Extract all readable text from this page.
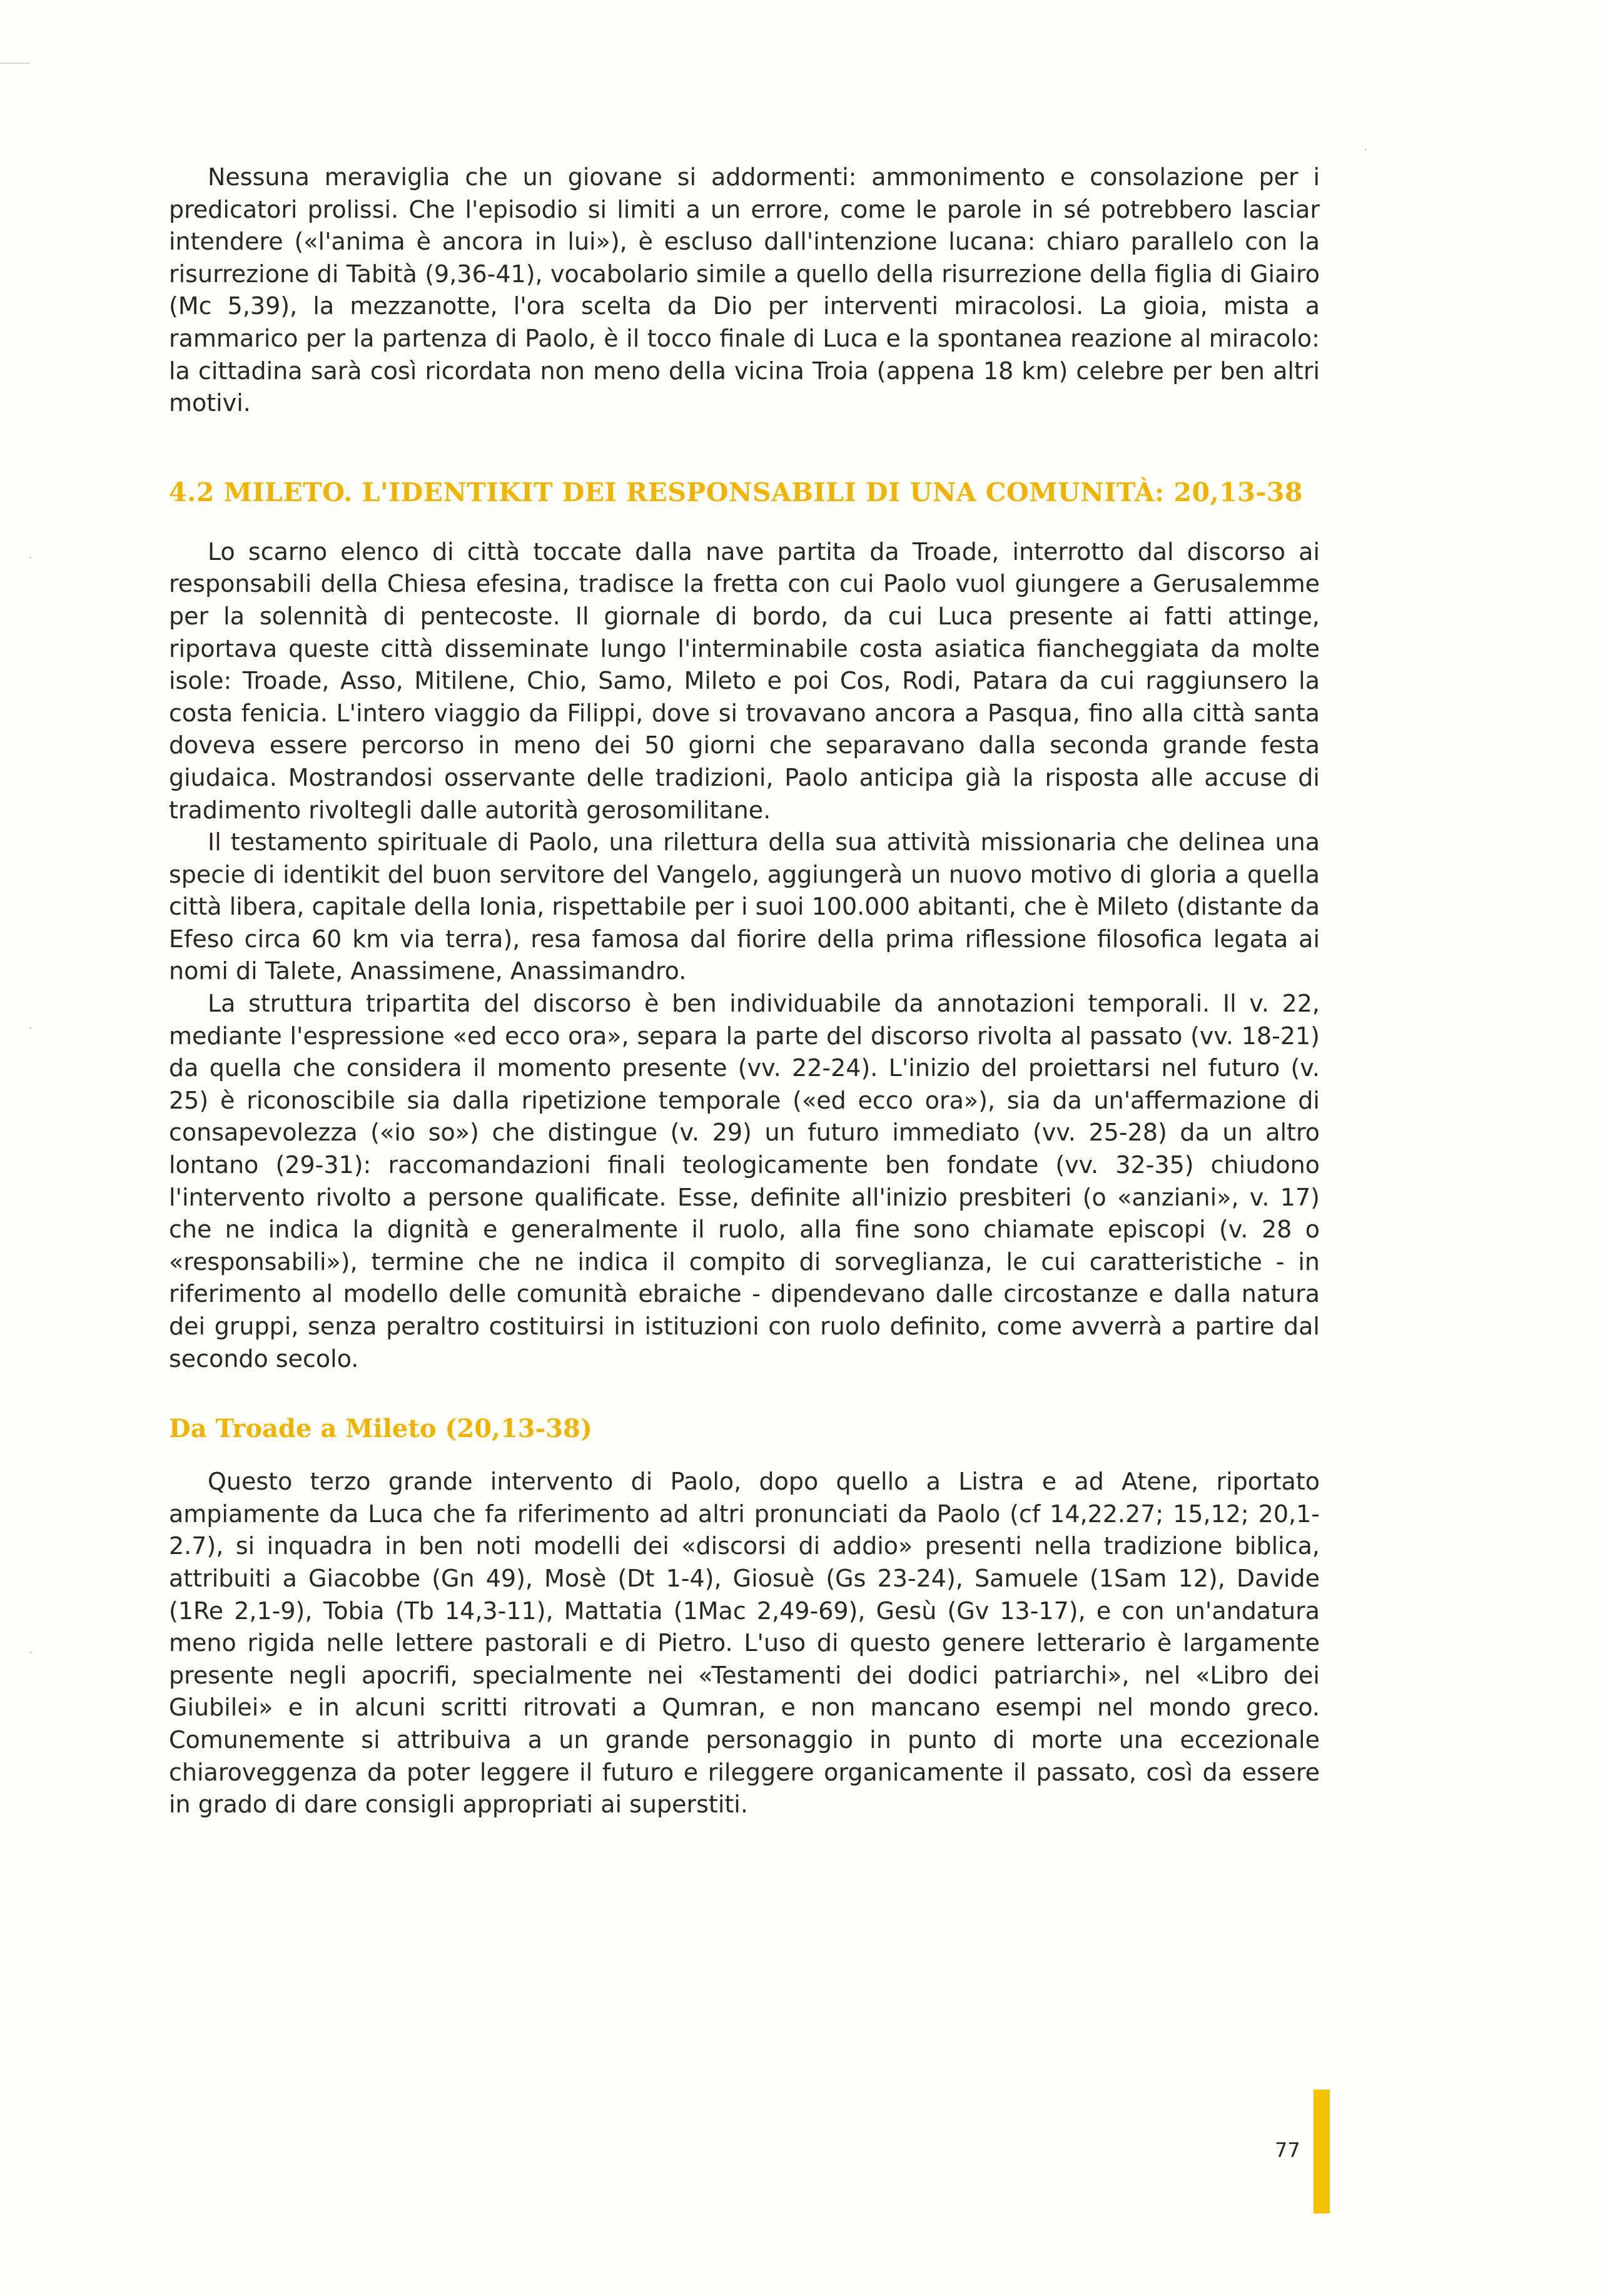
·
·
·
·

Nessuna meraviglia che un giovane si addormenti: ammonimento e consolazione per i predicatori prolissi. Che l'episodio si limiti a un errore, come le parole in sé potrebbero lasciar intendere («l'anima è ancora in lui»), è escluso dall'intenzione lucana: chiaro parallelo con la risurrezione di Tabità (9,36-41), vocabolario simile a quello della risurrezione della figlia di Giairo (Mc 5,39), la mezzanotte, l'ora scelta da Dio per interventi miracolosi. La gioia, mista a rammarico per la partenza di Paolo, è il tocco finale di Luca e la spontanea reazione al miracolo: la cittadina sarà così ricordata non meno della vicina Troia (appena 18 km) celebre per ben altri motivi.

4.2 MILETO. L'IDENTIKIT DEI RESPONSABILI DI UNA COMUNITÀ: 20,13-38

Lo scarno elenco di città toccate dalla nave partita da Troade, interrotto dal discorso ai responsabili della Chiesa efesina, tradisce la fretta con cui Paolo vuol giungere a Gerusalemme per la solennità di pentecoste. Il giornale di bordo, da cui Luca presente ai fatti attinge, riportava queste città disseminate lungo l'interminabile costa asiatica fiancheggiata da molte isole: Troade, Asso, Mitilene, Chio, Samo, Mileto e poi Cos, Rodi, Patara da cui raggiunsero la costa fenicia. L'intero viaggio da Filippi, dove si trovavano ancora a Pasqua, fino alla città santa doveva essere percorso in meno dei 50 giorni che separavano dalla seconda grande festa giudaica. Mostrandosi osservante delle tradizioni, Paolo anticipa già la risposta alle accuse di tradimento rivoltegli dalle autorità gerosomilitane.

Il testamento spirituale di Paolo, una rilettura della sua attività missionaria che delinea una specie di identikit del buon servitore del Vangelo, aggiungerà un nuovo motivo di gloria a quella città libera, capitale della Ionia, rispettabile per i suoi 100.000 abitanti, che è Mileto (distante da Efeso circa 60 km via terra), resa famosa dal fiorire della prima riflessione filosofica legata ai nomi di Talete, Anassimene, Anassimandro.

La struttura tripartita del discorso è ben individuabile da annotazioni temporali. Il v. 22, mediante l'espressione «ed ecco ora», separa la parte del discorso rivolta al passato (vv. 18-21) da quella che considera il momento presente (vv. 22-24). L'inizio del proiettarsi nel futuro (v. 25) è riconoscibile sia dalla ripetizione temporale («ed ecco ora»), sia da un'affermazione di consapevolezza («io so») che distingue (v. 29) un futuro immediato (vv. 25-28) da un altro lontano (29-31): raccomandazioni finali teologicamente ben fondate (vv. 32-35) chiudono l'intervento rivolto a persone qualificate. Esse, definite all'inizio presbiteri (o «anziani», v. 17) che ne indica la dignità e generalmente il ruolo, alla fine sono chiamate episcopi (v. 28 o «responsabili»), termine che ne indica il compito di sorveglianza, le cui caratteristiche - in riferimento al modello delle comunità ebraiche - dipendevano dalle circostanze e dalla natura dei gruppi, senza peraltro costituirsi in istituzioni con ruolo definito, come avverrà a partire dal secondo secolo.

Da Troade a Mileto (20,13-38)

Questo terzo grande intervento di Paolo, dopo quello a Listra e ad Atene, riportato ampiamente da Luca che fa riferimento ad altri pronunciati da Paolo (cf 14,22.27; 15,12; 20,1-2.7), si inquadra in ben noti modelli dei «discorsi di addio» presenti nella tradizione biblica, attribuiti a Giacobbe (Gn 49), Mosè (Dt 1-4), Giosuè (Gs 23-24), Samuele (1Sam 12), Davide (1Re 2,1-9), Tobia (Tb 14,3-11), Mattatia (1Mac 2,49-69), Gesù (Gv 13-17), e con un'andatura meno rigida nelle lettere pastorali e di Pietro. L'uso di questo genere letterario è largamente presente negli apocrifi, specialmente nei «Testamenti dei dodici patriarchi», nel «Libro dei Giubilei» e in alcuni scritti ritrovati a Qumran, e non mancano esempi nel mondo greco. Comunemente si attribuiva a un grande personaggio in punto di morte una eccezionale chiaroveggenza da poter leggere il futuro e rileggere organicamente il passato, così da essere in grado di dare consigli appropriati ai superstiti.

77
